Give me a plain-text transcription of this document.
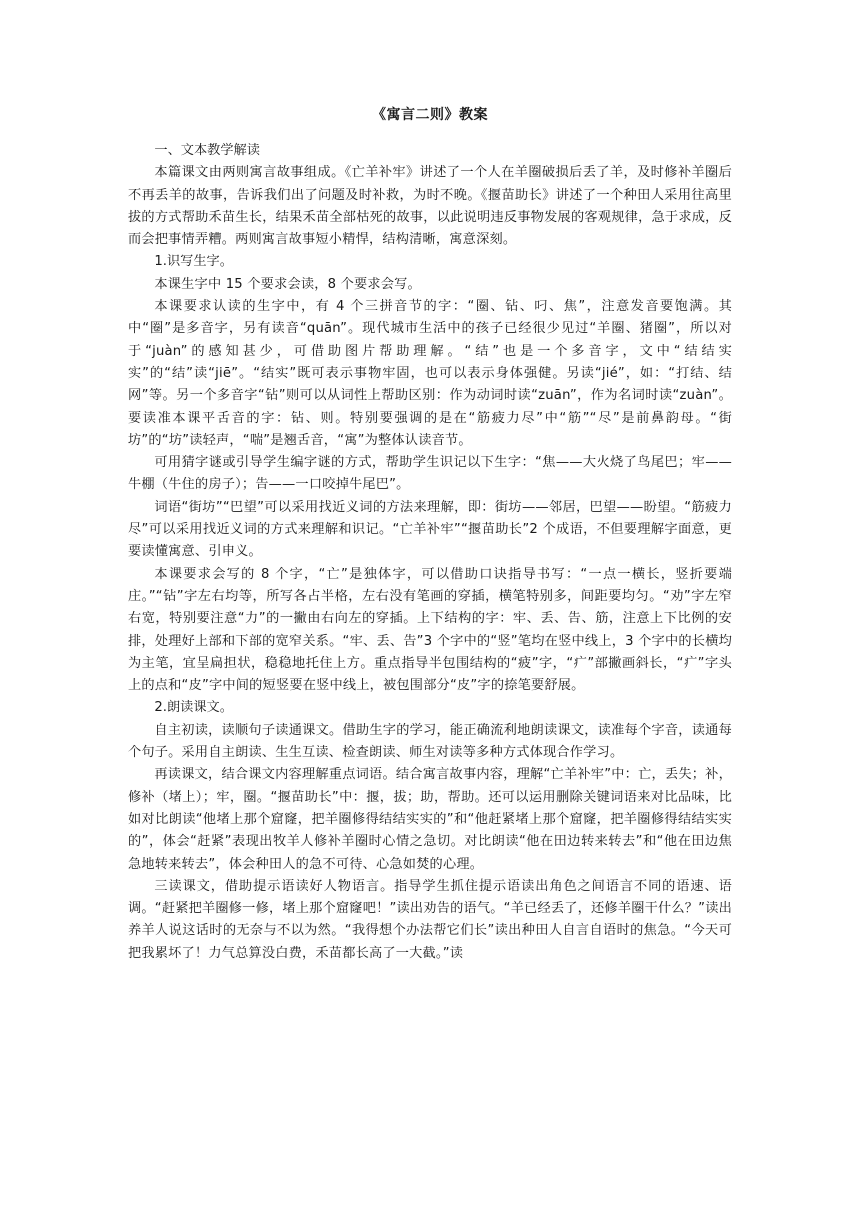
《寓言二则》教案

一、文本教学解读

本篇课文由两则寓言故事组成。《亡羊补牢》讲述了一个人在羊圈破损后丢了羊，及时修补羊圈后不再丢羊的故事，告诉我们出了问题及时补救，为时不晚。《揠苗助长》讲述了一个种田人采用往高里拔的方式帮助禾苗生长，结果禾苗全部枯死的故事，以此说明违反事物发展的客观规律，急于求成，反而会把事情弄糟。两则寓言故事短小精悍，结构清晰，寓意深刻。

1.识写生字。

本课生字中 15 个要求会读，8 个要求会写。

本课要求认读的生字中，有 4 个三拼音节的字：“圈、钻、叼、焦”，注意发音要饱满。其中“圈”是多音字，另有读音“quān”。现代城市生活中的孩子已经很少见过“羊圈、猪圈”，所以对于“juàn”的感知甚少，可借助图片帮助理解。“结”也是一个多音字，文中“结结实实”的“结”读“jiē”。“结实”既可表示事物牢固，也可以表示身体强健。另读“jié”，如：“打结、结网”等。另一个多音字“钻”则可以从词性上帮助区别：作为动词时读“zuān”，作为名词时读“zuàn”。要读准本课平舌音的字：钻、则。特别要强调的是在“筋疲力尽”中“筋”“尽”是前鼻韵母。“街坊”的“坊”读轻声，“喘”是翘舌音，“寓”为整体认读音节。

可用猜字谜或引导学生编字谜的方式，帮助学生识记以下生字：“焦——大火烧了鸟尾巴；牢——牛棚（牛住的房子）；告——一口咬掉牛尾巴”。

词语“街坊”“巴望”可以采用找近义词的方法来理解，即：街坊——邻居，巴望——盼望。“筋疲力尽”可以采用找近义词的方式来理解和识记。“亡羊补牢”“揠苗助长”2 个成语，不但要理解字面意，更要读懂寓意、引申义。

本课要求会写的 8 个字，“亡”是独体字，可以借助口诀指导书写：“一点一横长，竖折要端庄。”“钻”字左右均等，所写各占半格，左右没有笔画的穿插，横笔特别多，间距要均匀。“劝”字左窄右宽，特别要注意“力”的一撇由右向左的穿插。上下结构的字：牢、丢、告、筋，注意上下比例的安排，处理好上部和下部的宽窄关系。“牢、丢、告”3 个字中的“竖”笔均在竖中线上，3 个字中的长横均为主笔，宜呈扁担状，稳稳地托住上方。重点指导半包围结构的“疲”字，“疒”部撇画斜长，“疒”字头上的点和“皮”字中间的短竖要在竖中线上，被包围部分“皮”字的捺笔要舒展。

2.朗读课文。

自主初读，读顺句子读通课文。借助生字的学习，能正确流利地朗读课文，读准每个字音，读通每个句子。采用自主朗读、生生互读、检查朗读、师生对读等多种方式体现合作学习。

再读课文，结合课文内容理解重点词语。结合寓言故事内容，理解“亡羊补牢”中：亡，丢失；补，修补（堵上）；牢，圈。“揠苗助长”中：揠，拔；助，帮助。还可以运用删除关键词语来对比品味，比如对比朗读“他堵上那个窟窿，把羊圈修得结结实实的”和“他赶紧堵上那个窟窿，把羊圈修得结结实实的”，体会“赶紧”表现出牧羊人修补羊圈时心情之急切。对比朗读“他在田边转来转去”和“他在田边焦急地转来转去”，体会种田人的急不可待、心急如焚的心理。

三读课文，借助提示语读好人物语言。指导学生抓住提示语读出角色之间语言不同的语速、语调。“赶紧把羊圈修一修，堵上那个窟窿吧！”读出劝告的语气。“羊已经丢了，还修羊圈干什么？”读出养羊人说这话时的无奈与不以为然。“我得想个办法帮它们长”读出种田人自言自语时的焦急。“今天可把我累坏了！力气总算没白费，禾苗都长高了一大截。”读
